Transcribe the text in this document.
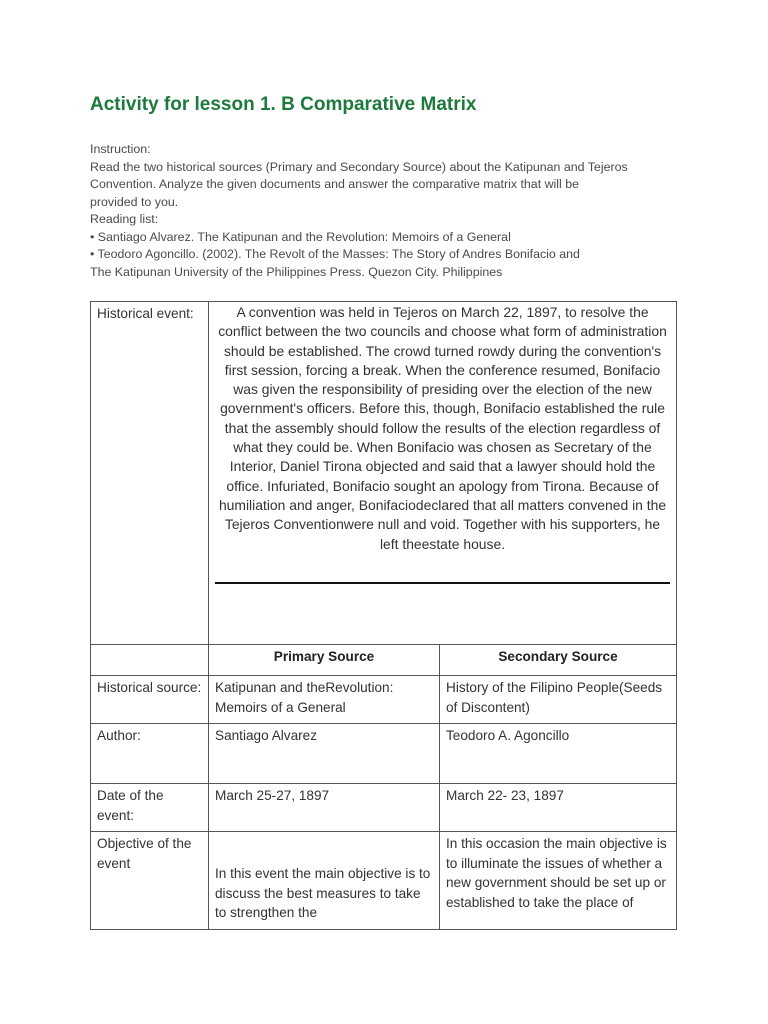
Activity for lesson 1. B Comparative Matrix
Instruction:
Read the two historical sources (Primary and Secondary Source) about the Katipunan and Tejeros
Convention. Analyze the given documents and answer the comparative matrix that will be
provided to you.
Reading list:
• Santiago Alvarez. The Katipunan and the Revolution: Memoirs of a General
• Teodoro Agoncillo. (2002). The Revolt of the Masses: The Story of Andres Bonifacio and
The Katipunan University of the Philippines Press. Quezon City. Philippines
Historical event:	A convention was held in Tejeros on March 22, 1897, to resolve the conflict between the two councils and choose what form of administration should be established. The crowd turned rowdy during the convention's first session, forcing a break. When the conference resumed, Bonifacio was given the responsibility of presiding over the election of the new government's officers. Before this, though, Bonifacio established the rule that the assembly should follow the results of the election regardless of what they could be. When Bonifacio was chosen as Secretary of the Interior, Daniel Tirona objected and said that a lawyer should hold the office. Infuriated, Bonifacio sought an apology from Tirona. Because of humiliation and anger, Bonifaciodeclared that all matters convened in the Tejeros Conventionwere null and void. Together with his supporters, he left theestate house.	

	Primary Source	Secondary Source
Historical source:	Katipunan and theRevolution: Memoirs of a General	History of the Filipino People(Seeds of Discontent)
Author:	Santiago Alvarez	Teodoro A. Agoncillo
Date of the event:	March 25-27, 1897	March 22- 23, 1897
Objective of the event	In this event the main objective is to discuss the best measures to take to strengthen the	In this occasion the main objective is to illuminate the issues of whether a new government should be set up or established to take the place of
